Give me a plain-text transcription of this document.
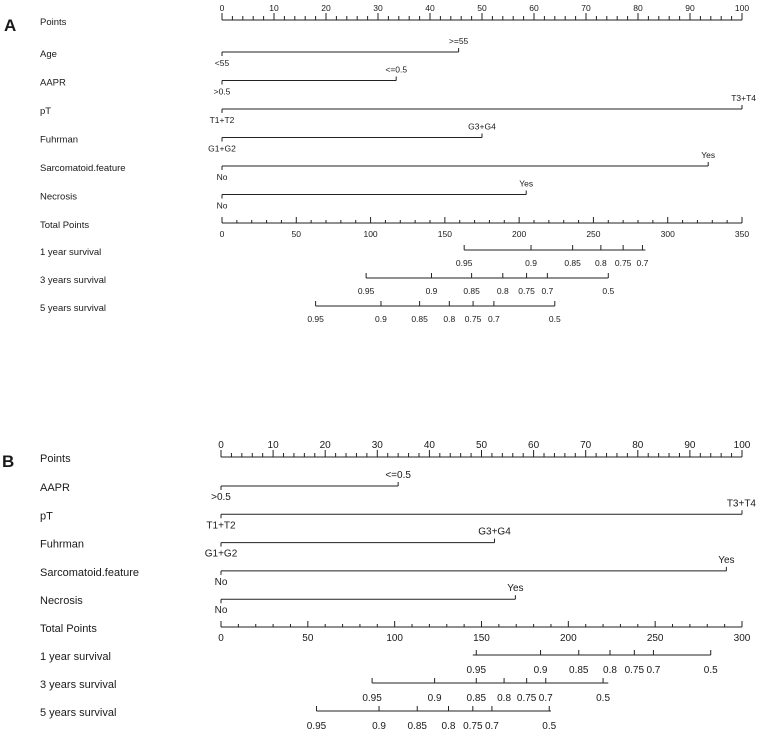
A
B
Points
0	10	20	30	40	50	60	70	80	90	100
Age
<55
>=55
AAPR
>0.5
<=0.5
pT
T1+T2
T3+T4
Fuhrman
G1+G2
G3+G4
Sarcomatoid.feature
No
Yes
Necrosis
No
Yes
Total Points
0	50	100	150	200	250	300	350
1 year survival
0.95	0.9	0.85 0.8 0.75 0.7
3 years survival
0.95	0.9	0.85 0.8 0.75 0.7	0.5
5 years survival
0.95	0.9	0.85 0.8 0.75 0.7	0.5
Points
0	10	20	30	40	50	60	70	80	90	100
AAPR
>0.5
<=0.5
pT
T1+T2
T3+T4
Fuhrman
G1+G2
G3+G4
Sarcomatoid.feature
No
Yes
Necrosis
No
Yes
Total Points
0	50	100	150	200	250	300
1 year survival
0.95	0.9 0.85 0.8 0.75 0.7	0.5
3 years survival
0.95	0.9 0.85 0.8 0.75 0.7	0.5
5 years survival
0.95	0.9 0.85 0.8 0.75 0.7	0.5
